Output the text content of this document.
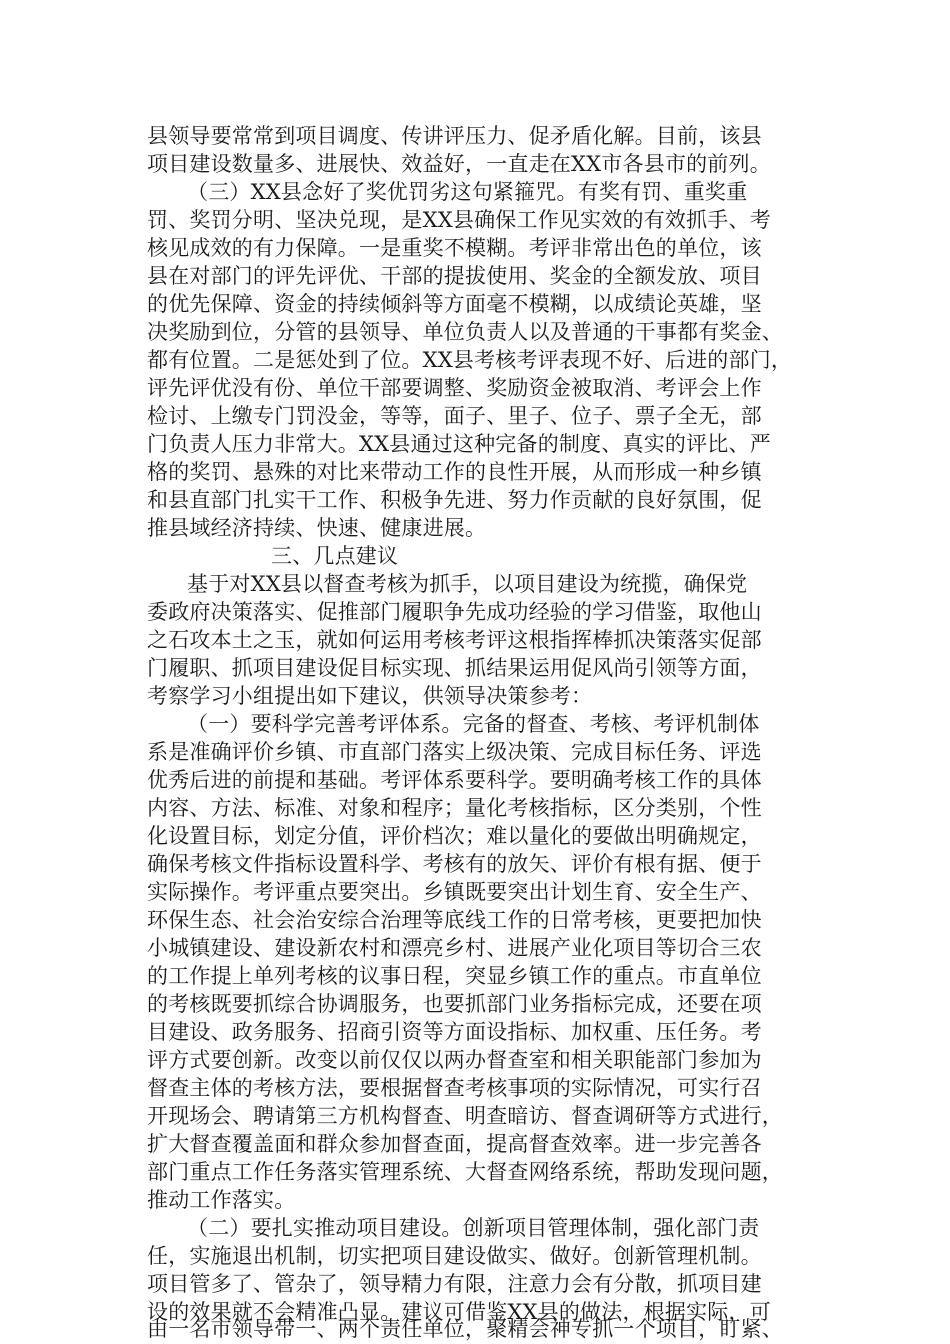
县领导要常常到项目调度、传讲评压力、促矛盾化解。目前，该县
项目建设数量多、进展快、效益好，一直走在XX市各县市的前列。
（三）XX县念好了奖优罚劣这句紧箍咒。有奖有罚、重奖重
罚、奖罚分明、坚决兑现，是XX县确保工作见实效的有效抓手、考
核见成效的有力保障。一是重奖不模糊。考评非常出色的单位，该
县在对部门的评先评优、干部的提拔使用、奖金的全额发放、项目
的优先保障、资金的持续倾斜等方面毫不模糊，以成绩论英雄，坚
决奖励到位，分管的县领导、单位负责人以及普通的干事都有奖金、
都有位置。二是惩处到了位。XX县考核考评表现不好、后进的部门，
评先评优没有份、单位干部要调整、奖励资金被取消、考评会上作
检讨、上缴专门罚没金，等等，面子、里子、位子、票子全无，部
门负责人压力非常大。XX县通过这种完备的制度、真实的评比、严
格的奖罚、悬殊的对比来带动工作的良性开展，从而形成一种乡镇
和县直部门扎实干工作、积极争先进、努力作贡献的良好氛围，促
推县域经济持续、快速、健康进展。
三、几点建议
基于对XX县以督查考核为抓手，以项目建设为统揽，确保党
委政府决策落实、促推部门履职争先成功经验的学习借鉴，取他山
之石攻本土之玉，就如何运用考核考评这根指挥棒抓决策落实促部
门履职、抓项目建设促目标实现、抓结果运用促风尚引领等方面，
考察学习小组提出如下建议，供领导决策参考：
（一）要科学完善考评体系。完备的督查、考核、考评机制体
系是准确评价乡镇、市直部门落实上级决策、完成目标任务、评选
优秀后进的前提和基础。考评体系要科学。要明确考核工作的具体
内容、方法、标准、对象和程序；量化考核指标，区分类别，个性
化设置目标，划定分值，评价档次；难以量化的要做出明确规定，
确保考核文件指标设置科学、考核有的放矢、评价有根有据、便于
实际操作。考评重点要突出。乡镇既要突出计划生育、安全生产、
环保生态、社会治安综合治理等底线工作的日常考核，更要把加快
小城镇建设、建设新农村和漂亮乡村、进展产业化项目等切合三农
的工作提上单列考核的议事日程，突显乡镇工作的重点。市直单位
的考核既要抓综合协调服务，也要抓部门业务指标完成，还要在项
目建设、政务服务、招商引资等方面设指标、加权重、压任务。考
评方式要创新。改变以前仅仅以两办督查室和相关职能部门参加为
督查主体的考核方法，要根据督查考核事项的实际情况，可实行召
开现场会、聘请第三方机构督查、明查暗访、督查调研等方式进行，
扩大督查覆盖面和群众参加督查面，提高督查效率。进一步完善各
部门重点工作任务落实管理系统、大督查网络系统，帮助发现问题，
推动工作落实。
（二）要扎实推动项目建设。创新项目管理体制，强化部门责
任，实施退出机制，切实把项目建设做实、做好。创新管理机制。
项目管多了、管杂了，领导精力有限，注意力会有分散，抓项目建
设的效果就不会精准凸显。建议可借鉴XX县的做法，根据实际，可
由一名市领导带一、两个责任单位，聚精会神专抓一个项目，盯紧、
